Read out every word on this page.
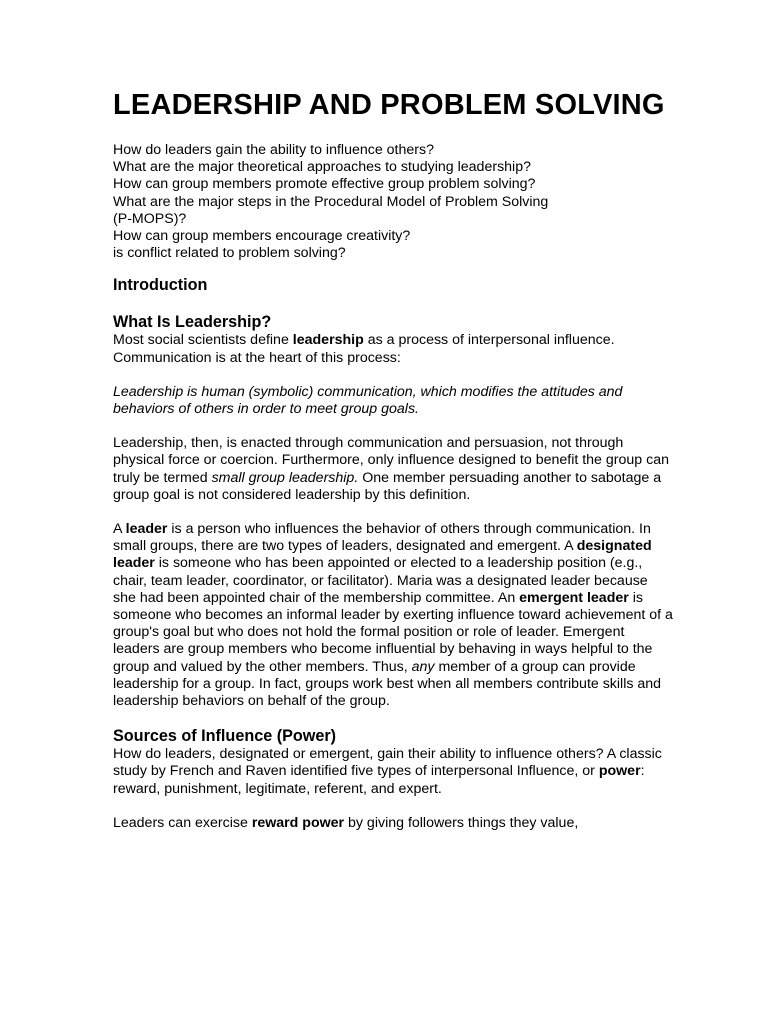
LEADERSHIP AND PROBLEM SOLVING
How do leaders gain the ability to influence others?
What are the major theoretical approaches to studying leadership?
How can group members promote effective group problem solving?
What are the major steps in the Procedural Model of Problem Solving
(P-MOPS)?
How can group members encourage creativity?
is conflict related to problem solving?
Introduction
What Is Leadership?

Most social scientists define leadership as a process of interpersonal influence. Communication is at the heart of this process:

Leadership is human (symbolic) communication, which modifies the attitudes and behaviors of others in order to meet group goals.

Leadership, then, is enacted through communication and persuasion, not through physical force or coercion. Furthermore, only influence designed to benefit the group can truly be termed small group leadership. One member persuading another to sabotage a group goal is not considered leadership by this definition.

A leader is a person who influences the behavior of others through communication. In small groups, there are two types of leaders, designated and emergent. A designated leader is someone who has been appointed or elected to a leadership position (e.g., chair, team leader, coordinator, or facilitator). Maria was a designated leader because she had been appointed chair of the membership committee. An emergent leader is someone who becomes an informal leader by exerting influence toward achievement of a group's goal but who does not hold the formal position or role of leader. Emergent leaders are group members who become influential by behaving in ways helpful to the group and valued by the other members. Thus, any member of a group can provide leadership for a group. In fact, groups work best when all members contribute skills and leadership behaviors on behalf of the group.

Sources of Influence (Power)

How do leaders, designated or emergent, gain their ability to influence others? A classic study by French and Raven identified five types of interpersonal Influence, or power: reward, punishment, legitimate, referent, and expert.

Leaders can exercise reward power by giving followers things they value,
